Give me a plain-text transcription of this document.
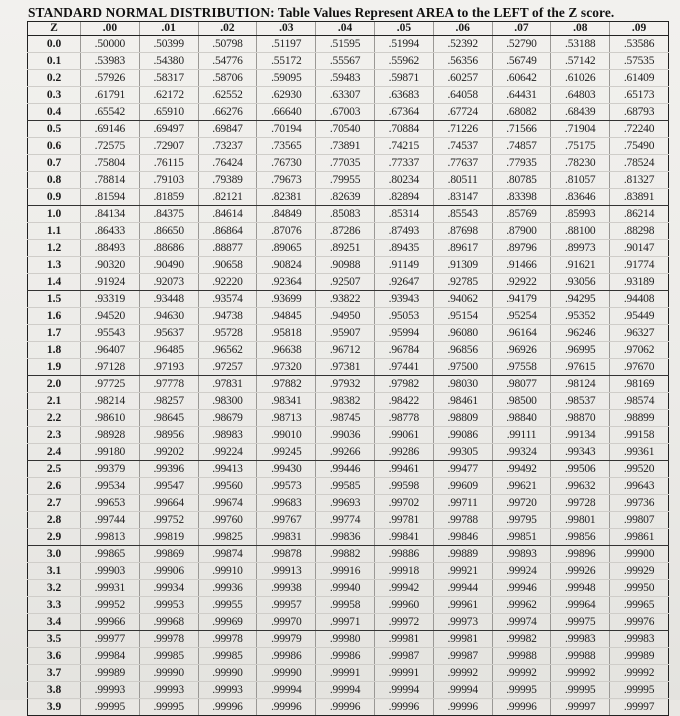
STANDARD NORMAL DISTRIBUTION: Table Values Represent AREA to the LEFT of the Z score.
Z	.00	.01	.02	.03	.04	.05	.06	.07	.08	.09
0.0	.50000	.50399	.50798	.51197	.51595	.51994	.52392	.52790	.53188	.53586
0.1	.53983	.54380	.54776	.55172	.55567	.55962	.56356	.56749	.57142	.57535
0.2	.57926	.58317	.58706	.59095	.59483	.59871	.60257	.60642	.61026	.61409
0.3	.61791	.62172	.62552	.62930	.63307	.63683	.64058	.64431	.64803	.65173
0.4	.65542	.65910	.66276	.66640	.67003	.67364	.67724	.68082	.68439	.68793
0.5	.69146	.69497	.69847	.70194	.70540	.70884	.71226	.71566	.71904	.72240
0.6	.72575	.72907	.73237	.73565	.73891	.74215	.74537	.74857	.75175	.75490
0.7	.75804	.76115	.76424	.76730	.77035	.77337	.77637	.77935	.78230	.78524
0.8	.78814	.79103	.79389	.79673	.79955	.80234	.80511	.80785	.81057	.81327
0.9	.81594	.81859	.82121	.82381	.82639	.82894	.83147	.83398	.83646	.83891
1.0	.84134	.84375	.84614	.84849	.85083	.85314	.85543	.85769	.85993	.86214
1.1	.86433	.86650	.86864	.87076	.87286	.87493	.87698	.87900	.88100	.88298
1.2	.88493	.88686	.88877	.89065	.89251	.89435	.89617	.89796	.89973	.90147
1.3	.90320	.90490	.90658	.90824	.90988	.91149	.91309	.91466	.91621	.91774
1.4	.91924	.92073	.92220	.92364	.92507	.92647	.92785	.92922	.93056	.93189
1.5	.93319	.93448	.93574	.93699	.93822	.93943	.94062	.94179	.94295	.94408
1.6	.94520	.94630	.94738	.94845	.94950	.95053	.95154	.95254	.95352	.95449
1.7	.95543	.95637	.95728	.95818	.95907	.95994	.96080	.96164	.96246	.96327
1.8	.96407	.96485	.96562	.96638	.96712	.96784	.96856	.96926	.96995	.97062
1.9	.97128	.97193	.97257	.97320	.97381	.97441	.97500	.97558	.97615	.97670
2.0	.97725	.97778	.97831	.97882	.97932	.97982	.98030	.98077	.98124	.98169
2.1	.98214	.98257	.98300	.98341	.98382	.98422	.98461	.98500	.98537	.98574
2.2	.98610	.98645	.98679	.98713	.98745	.98778	.98809	.98840	.98870	.98899
2.3	.98928	.98956	.98983	.99010	.99036	.99061	.99086	.99111	.99134	.99158
2.4	.99180	.99202	.99224	.99245	.99266	.99286	.99305	.99324	.99343	.99361
2.5	.99379	.99396	.99413	.99430	.99446	.99461	.99477	.99492	.99506	.99520
2.6	.99534	.99547	.99560	.99573	.99585	.99598	.99609	.99621	.99632	.99643
2.7	.99653	.99664	.99674	.99683	.99693	.99702	.99711	.99720	.99728	.99736
2.8	.99744	.99752	.99760	.99767	.99774	.99781	.99788	.99795	.99801	.99807
2.9	.99813	.99819	.99825	.99831	.99836	.99841	.99846	.99851	.99856	.99861
3.0	.99865	.99869	.99874	.99878	.99882	.99886	.99889	.99893	.99896	.99900
3.1	.99903	.99906	.99910	.99913	.99916	.99918	.99921	.99924	.99926	.99929
3.2	.99931	.99934	.99936	.99938	.99940	.99942	.99944	.99946	.99948	.99950
3.3	.99952	.99953	.99955	.99957	.99958	.99960	.99961	.99962	.99964	.99965
3.4	.99966	.99968	.99969	.99970	.99971	.99972	.99973	.99974	.99975	.99976
3.5	.99977	.99978	.99978	.99979	.99980	.99981	.99981	.99982	.99983	.99983
3.6	.99984	.99985	.99985	.99986	.99986	.99987	.99987	.99988	.99988	.99989
3.7	.99989	.99990	.99990	.99990	.99991	.99991	.99992	.99992	.99992	.99992
3.8	.99993	.99993	.99993	.99994	.99994	.99994	.99994	.99995	.99995	.99995
3.9	.99995	.99995	.99996	.99996	.99996	.99996	.99996	.99996	.99997	.99997
